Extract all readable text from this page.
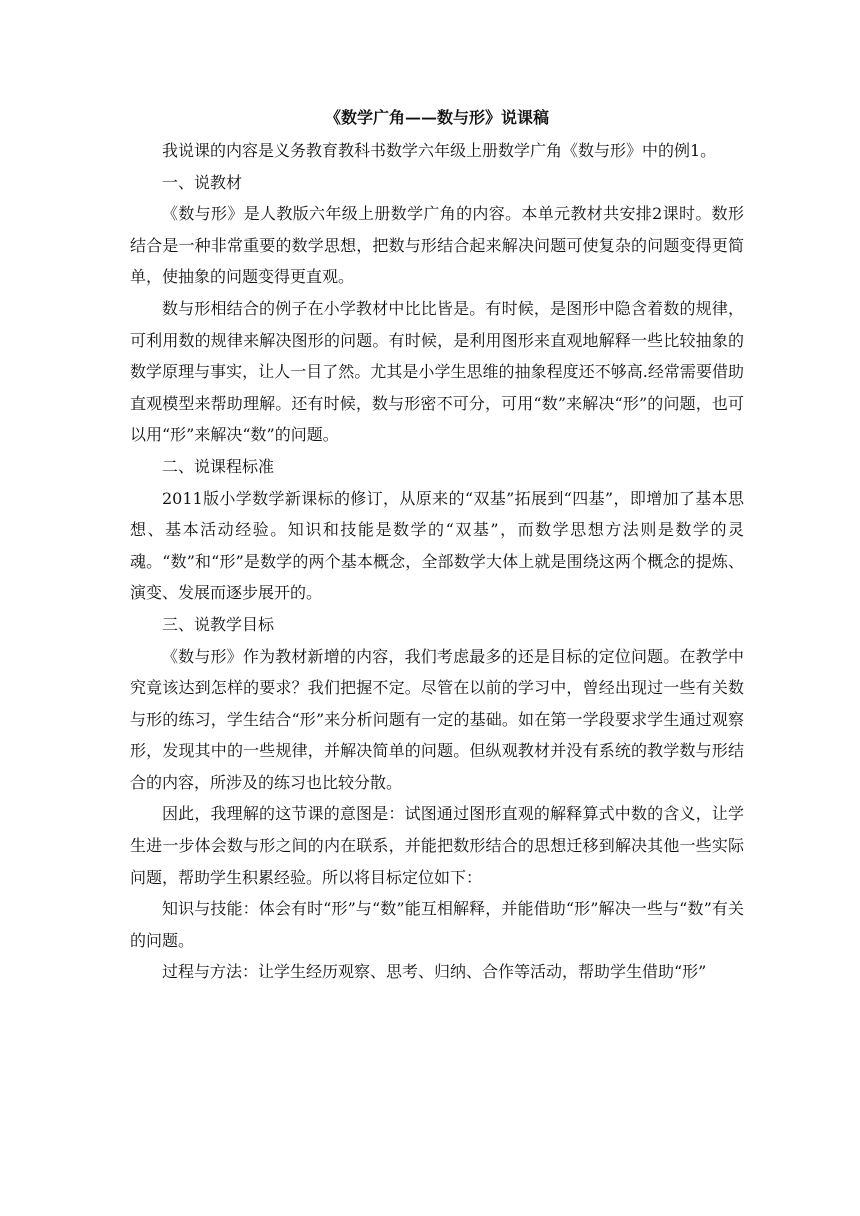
《数学广角——数与形》说课稿

我说课的内容是义务教育教科书数学六年级上册数学广角《数与形》中的例1。

一、说教材

《数与形》是人教版六年级上册数学广角的内容。本单元教材共安排2课时。数形结合是一种非常重要的数学思想，把数与形结合起来解决问题可使复杂的问题变得更简单，使抽象的问题变得更直观。

数与形相结合的例子在小学教材中比比皆是。有时候，是图形中隐含着数的规律，可利用数的规律来解决图形的问题。有时候，是利用图形来直观地解释一些比较抽象的数学原理与事实，让人一目了然。尤其是小学生思维的抽象程度还不够高.经常需要借助直观模型来帮助理解。还有时候，数与形密不可分，可用“数”来解决“形”的问题，也可以用“形”来解决“数”的问题。

二、说课程标准

2011版小学数学新课标的修订，从原来的“双基”拓展到“四基”，即增加了基本思想、基本活动经验。知识和技能是数学的“双基”，而数学思想方法则是数学的灵魂。“数”和“形”是数学的两个基本概念，全部数学大体上就是围绕这两个概念的提炼、演变、发展而逐步展开的。

三、说教学目标

《数与形》作为教材新增的内容，我们考虑最多的还是目标的定位问题。在教学中究竟该达到怎样的要求？我们把握不定。尽管在以前的学习中，曾经出现过一些有关数与形的练习，学生结合“形”来分析问题有一定的基础。如在第一学段要求学生通过观察形，发现其中的一些规律，并解决简单的问题。但纵观教材并没有系统的教学数与形结合的内容，所涉及的练习也比较分散。

因此，我理解的这节课的意图是：试图通过图形直观的解释算式中数的含义，让学生进一步体会数与形之间的内在联系，并能把数形结合的思想迁移到解决其他一些实际问题，帮助学生积累经验。所以将目标定位如下：

知识与技能：体会有时“形”与“数”能互相解释，并能借助“形”解决一些与“数”有关的问题。

过程与方法：让学生经历观察、思考、归纳、合作等活动，帮助学生借助“形”
